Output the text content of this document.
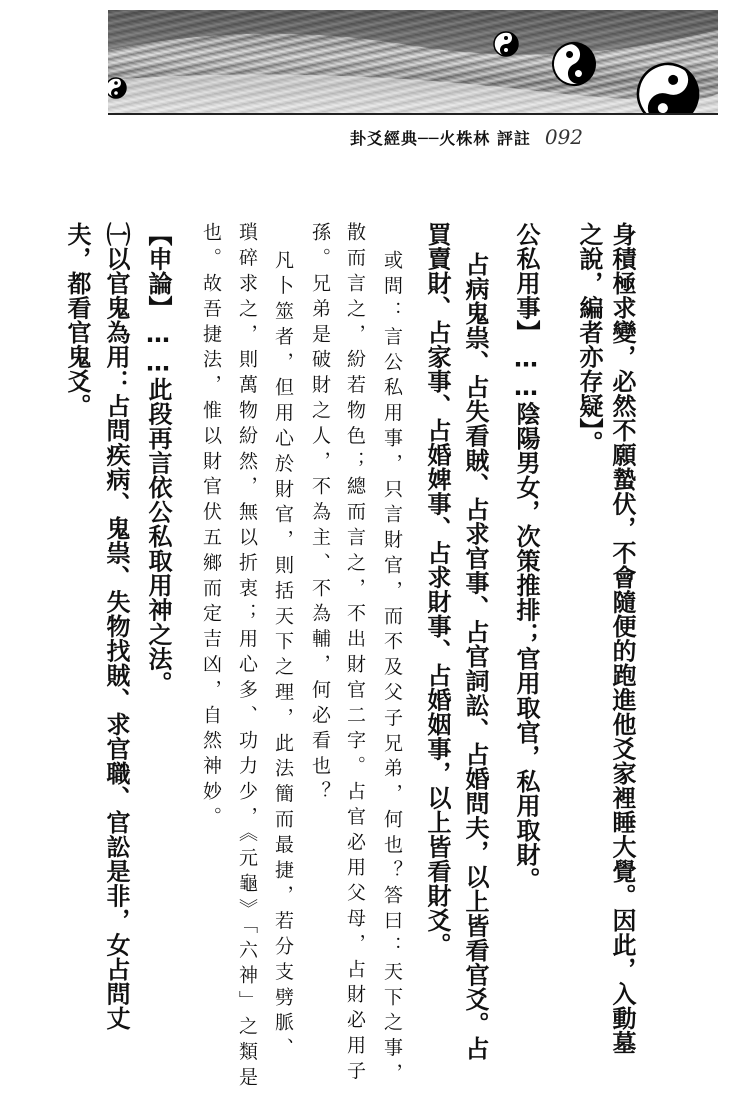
卦爻經典──火株林 評註 092
身積極求變，必然不願蟄伏，不會隨便的跑進他爻家裡睡大覺。因此，入動墓
之說，編者亦存疑】。
公私用事】……陰陽男女，次策推排；官用取官，私用取財。
占病鬼祟、占失看賊、占求官事、占官詞訟、占婚問夫，以上皆看官爻。占
買賣財、占家事、占婚婢事、占求財事、占婚姻事，以上皆看財爻。
或問：言公私用事，只言財官，而不及父子兄弟，何也？答曰：天下之事，
散而言之，紛若物色；總而言之，不出財官二字。占官必用父母，占財必用子
孫。兄弟是破財之人，不為主、不為輔，何必看也？
凡卜筮者，但用心於財官，則括天下之理，此法簡而最捷，若分支劈脈、
瑣碎求之，則萬物紛然，無以折衷；用心多、功力少，《元龜》「六神」之類是
也。故吾捷法，惟以財官伏五鄉而定吉凶，自然神妙。
【申論】……此段再言依公私取用神之法。
㈠以官鬼為用：占問疾病、鬼祟、失物找賊、求官職、官訟是非，女占問丈
夫，都看官鬼爻。
